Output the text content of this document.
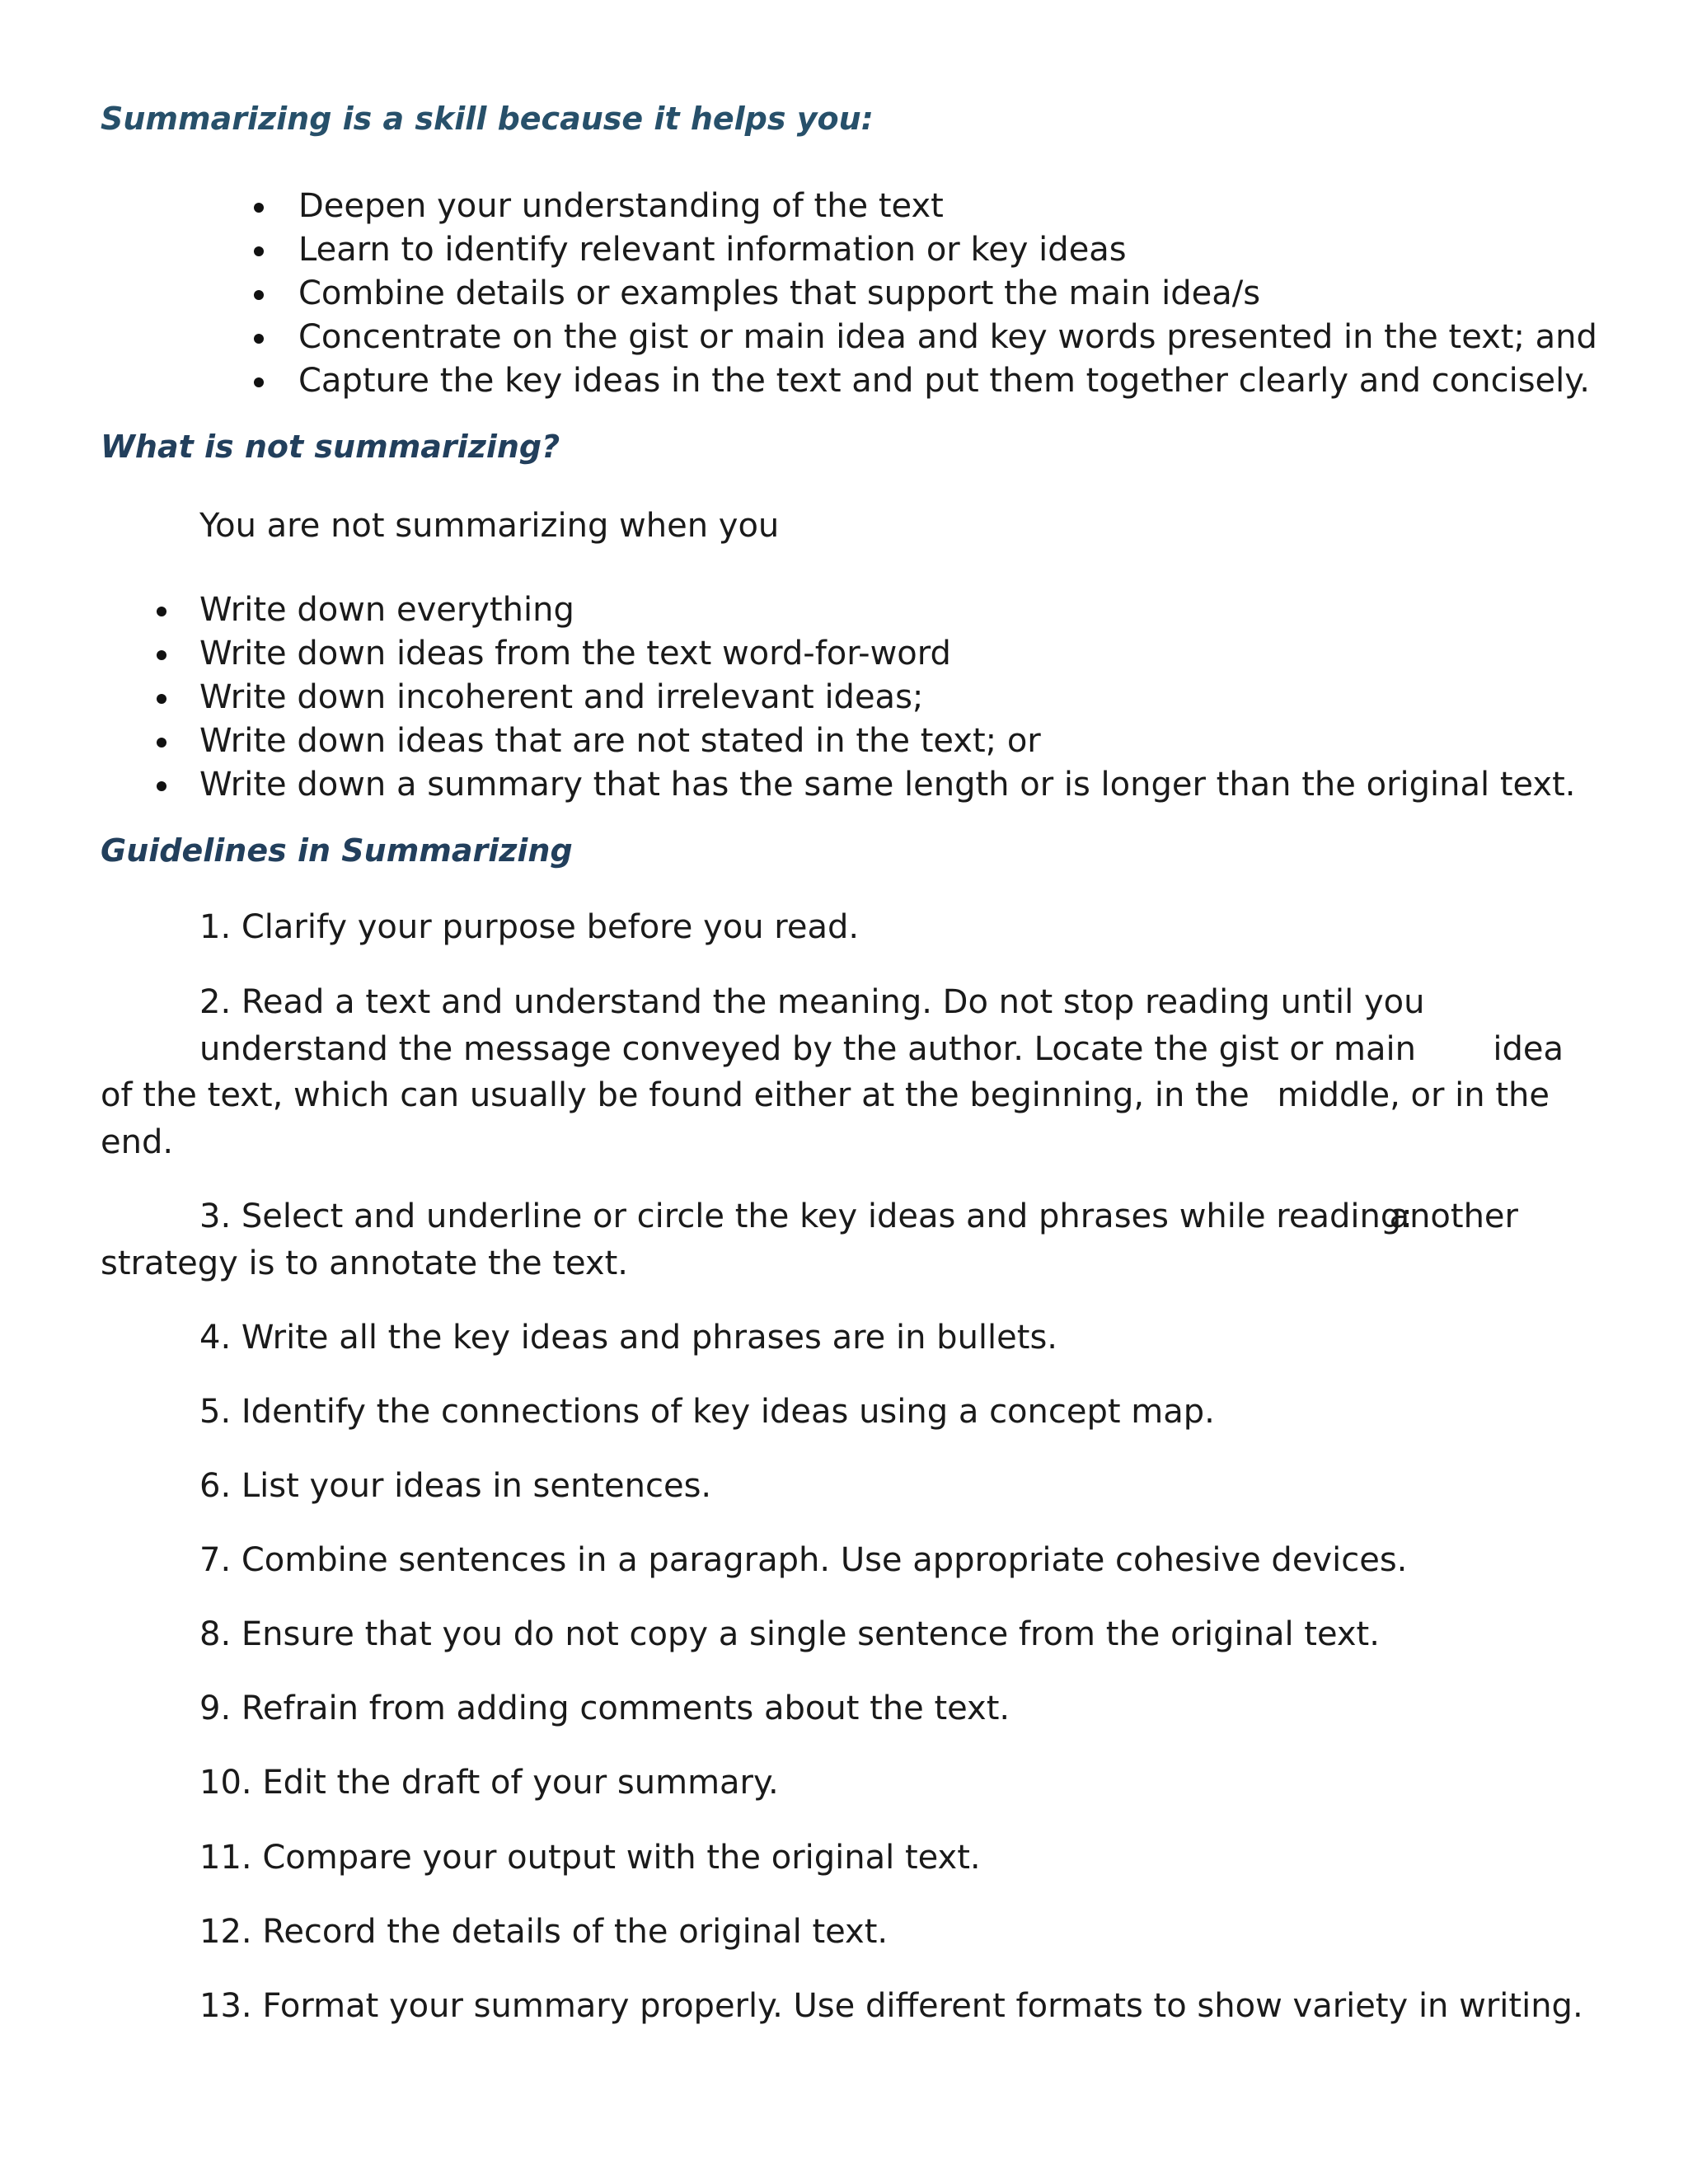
Summarizing is a skill because it helps you:
Deepen your understanding of the text
Learn to identify relevant information or key ideas
Combine details or examples that support the main idea/s
Concentrate on the gist or main idea and key words presented in the text; and
Capture the key ideas in the text and put them together clearly and concisely.
What is not summarizing?

You are not summarizing when you

Write down everything
Write down ideas from the text word-for-word
Write down incoherent and irrelevant ideas;
Write down ideas that are not stated in the text; or
Write down a summary that has the same length or is longer than the original text.
Guidelines in Summarizing

1. Clarify your purpose before you read.

2. Read a text and understand the meaning. Do not stop reading until you
understand the message conveyed by the author. Locate the gist or main idea
of the text, which can usually be found either at the beginning, in the middle, or in the
end.
3. Select and underline or circle the key ideas and phrases while reading:
another
strategy is to annotate the text.

4. Write all the key ideas and phrases are in bullets.

5. Identify the connections of key ideas using a concept map.

6. List your ideas in sentences.

7. Combine sentences in a paragraph. Use appropriate cohesive devices.

8. Ensure that you do not copy a single sentence from the original text.

9. Refrain from adding comments about the text.

10. Edit the draft of your summary.

11. Compare your output with the original text.

12. Record the details of the original text.

13. Format your summary properly. Use different formats to show variety in writing.
